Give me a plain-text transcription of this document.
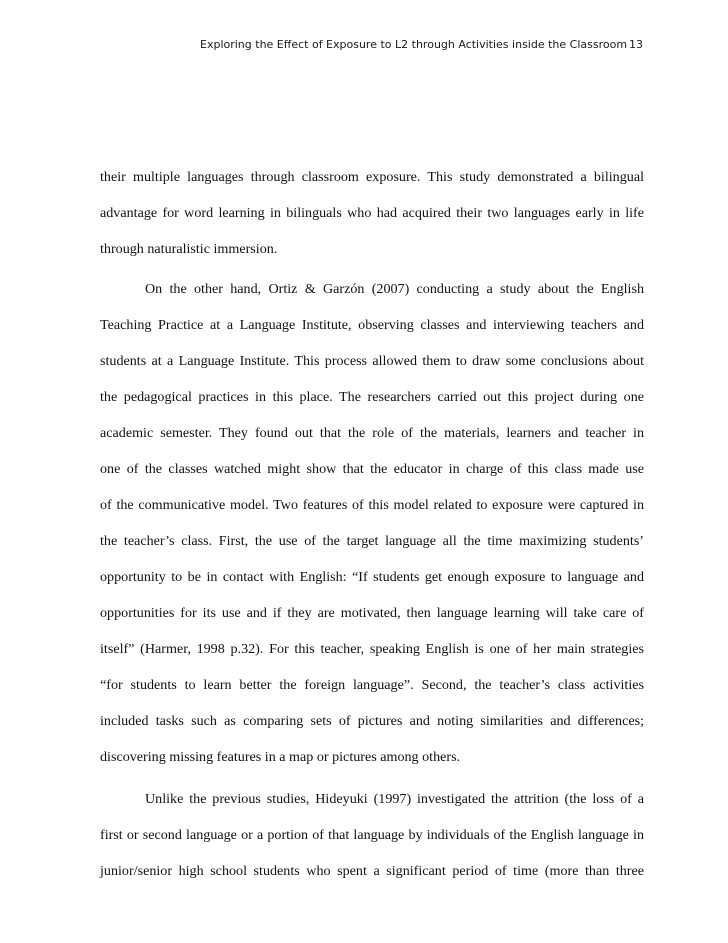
Exploring the Effect of Exposure to L2 through Activities inside the Classroom 13
their multiple languages through classroom exposure. This study demonstrated a bilingual
advantage for word learning in bilinguals who had acquired their two languages early in life
through naturalistic immersion.
On the other hand, Ortiz & Garzón (2007) conducting a study about the English
Teaching Practice at a Language Institute, observing classes and interviewing teachers and
students at a Language Institute. This process allowed them to draw some conclusions about
the pedagogical practices in this place. The researchers carried out this project during one
academic semester. They found out that the role of the materials, learners and teacher in
one of the classes watched might show that the educator in charge of this class made use
of the communicative model. Two features of this model related to exposure were captured in
the teacher’s class. First, the use of the target language all the time maximizing students’
opportunity to be in contact with English: “If students get enough exposure to language and
opportunities for its use and if they are motivated, then language learning will take care of
itself” (Harmer, 1998 p.32). For this teacher, speaking English is one of her main strategies
“for students to learn better the foreign language”. Second, the teacher’s class activities
included tasks such as comparing sets of pictures and noting similarities and differences;
discovering missing features in a map or pictures among others.
Unlike the previous studies, Hideyuki (1997) investigated the attrition (the loss of a
first or second language or a portion of that language by individuals of the English language in
junior/senior high school students who spent a significant period of time (more than three
